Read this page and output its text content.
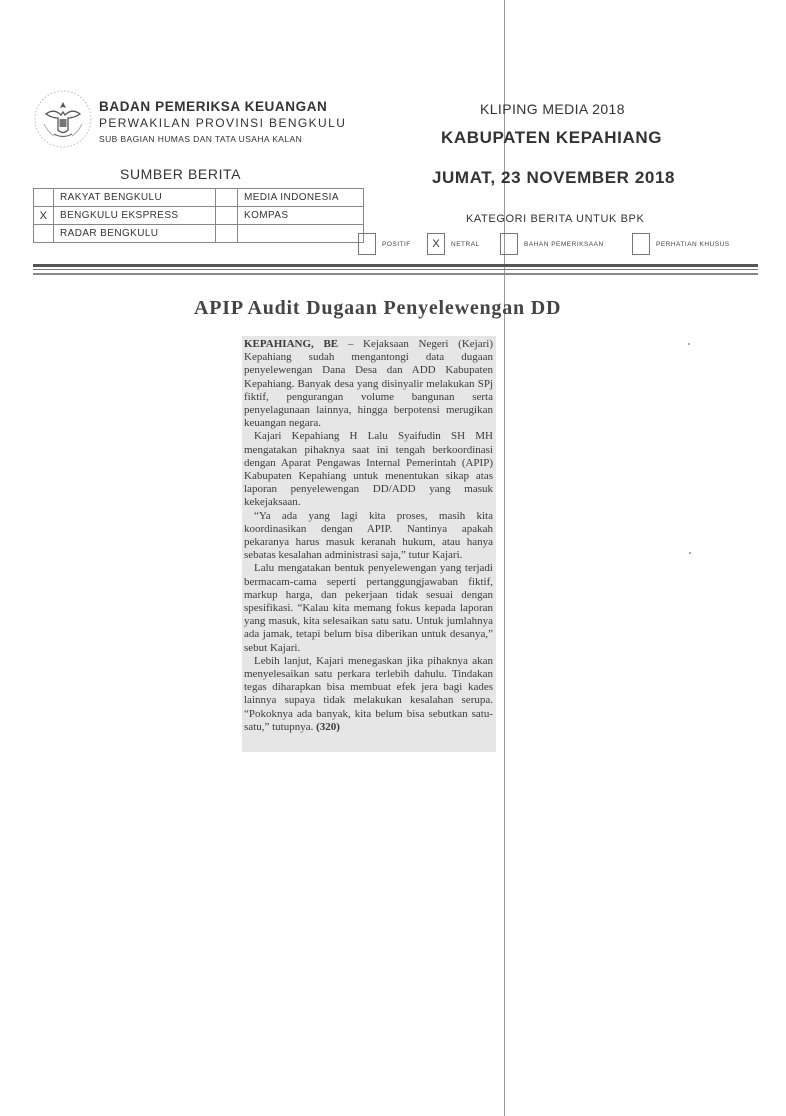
BADAN PEMERIKSA KEUANGAN
PERWAKILAN PROVINSI BENGKULU
SUB BAGIAN HUMAS DAN TATA USAHA KALAN
KLIPING MEDIA 2018
KABUPATEN KEPAHIANG
JUMAT, 23 NOVEMBER 2018
SUMBER BERITA
	RAKYAT BENGKULU		MEDIA INDONESIA
X	BENGKULU EKSPRESS		KOMPAS
	RADAR BENGKULU		
KATEGORI BERITA UNTUK BPK
POSITIF	X	NETRAL	BAHAN PEMERIKSAAN	PERHATIAN KHUSUS
APIP Audit Dugaan Penyelewengan DD

KEPAHIANG, BE – Kejaksaan Negeri (Kejari) Kepahiang sudah mengantongi data dugaan penyelewengan Dana Desa dan ADD Kabupaten Kepahiang. Banyak desa yang disinyalir melakukan SPj fiktif, pengurangan volume bangunan serta penyelagunaan lainnya, hingga berpotensi merugikan keuangan negara.

Kajari Kepahiang H Lalu Syaifudin SH MH mengatakan pihaknya saat ini tengah berkoordinasi dengan Aparat Pengawas Internal Pemerintah (APIP) Kabupaten Kepahiang untuk menentukan sikap atas laporan penyelewengan DD/ADD yang masuk kekejaksaan.

“Ya ada yang lagi kita proses, masih kita koordinasikan dengan APIP. Nantinya apakah pekaranya harus masuk keranah hukum, atau hanya sebatas kesalahan administrasi saja,” tutur Kajari.

Lalu mengatakan bentuk penyelewengan yang terjadi bermacam-cama seperti pertanggungjawaban fiktif, markup harga, dan pekerjaan tidak sesuai dengan spesifikasi. “Kalau kita memang fokus kepada laporan yang masuk, kita selesaikan satu satu. Untuk jumlahnya ada jamak, tetapi belum bisa diberikan untuk desanya,” sebut Kajari.

Lebih lanjut, Kajari menegaskan jika pihaknya akan menyelesaikan satu perkara terlebih dahulu. Tindakan tegas diharapkan bisa membuat efek jera bagi kades lainnya supaya tidak melakukan kesalahan serupa. “Pokoknya ada banyak, kita belum bisa sebutkan satu-satu,” tutupnya. (320)
